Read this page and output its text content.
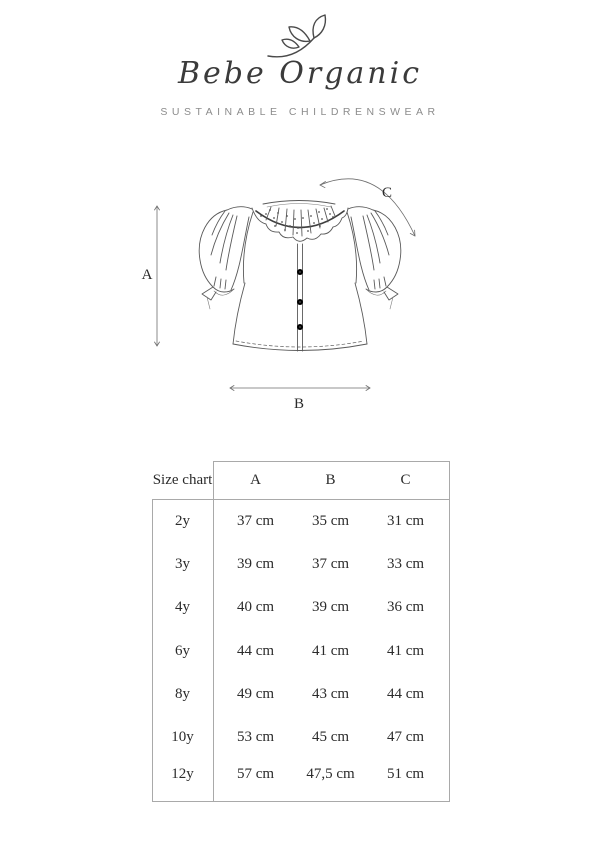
Bebe Organic
SUSTAINABLE CHILDRENSWEAR
A
B
C
Size chart	A	B	C
2y	37 cm	35 cm	31 cm
3y	39 cm	37 cm	33 cm
4y	40 cm	39 cm	36 cm
6y	44 cm	41 cm	41 cm
8y	49 cm	43 cm	44 cm
10y	53 cm	45 cm	47 cm
12y	57 cm	47,5 cm	51 cm
